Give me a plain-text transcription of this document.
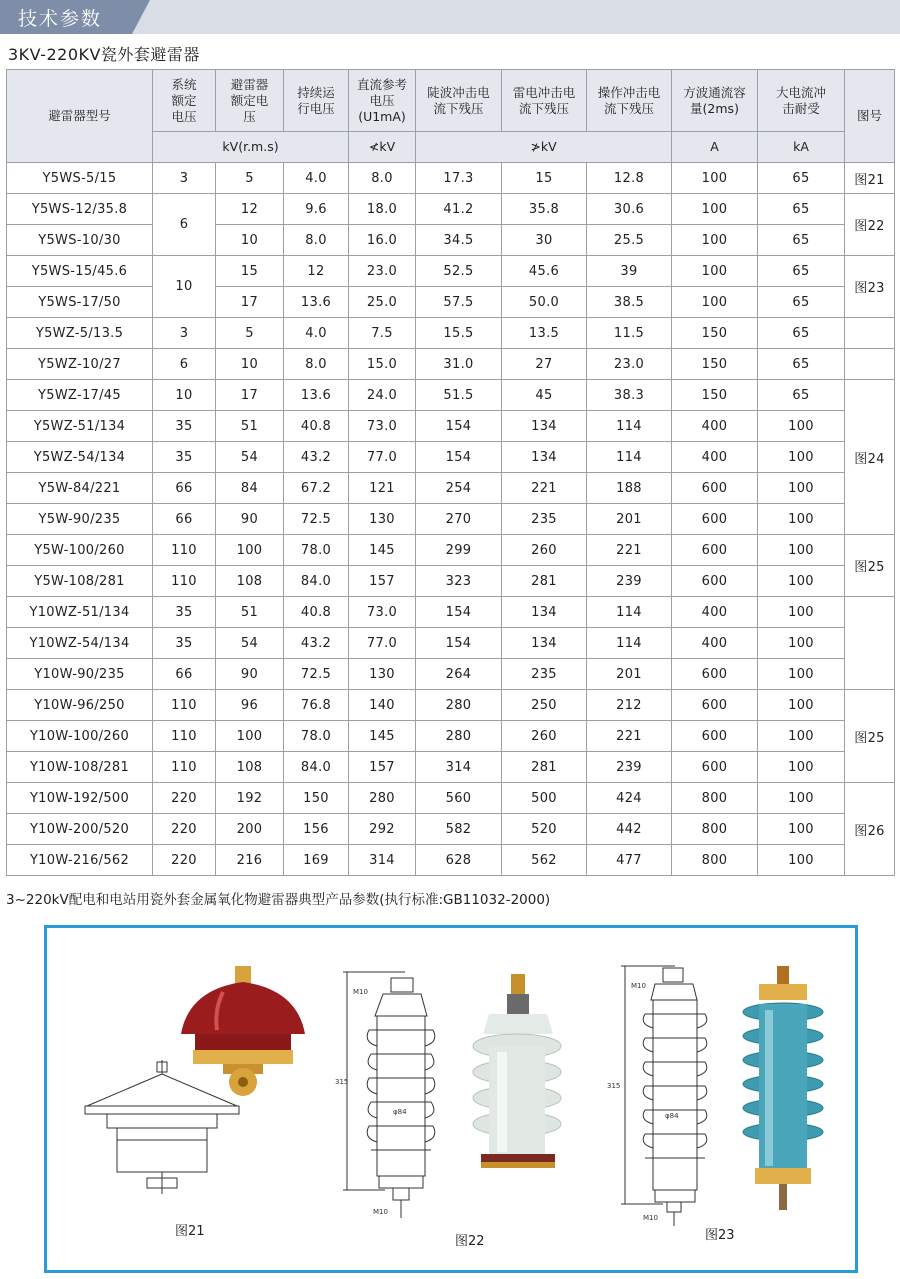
技术参数
3KV-220KV瓷外套避雷器
避雷器型号	系统额定电压	避雷器额定电压	持续运行电压	直流参考电压(U1mA)	陡波冲击电流下残压	雷电冲击电流下残压	操作冲击电流下残压	方波通流容量(2ms)	大电流冲击耐受	图号
	kV(r.m.s)			≮kV	≯kV			A	kA	
Y5WS-5/15	3	5	4.0	8.0	17.3	15	12.8	100	65	图21
Y5WS-12/35.8	6	12	9.6	18.0	41.2	35.8	30.6	100	65	图22
Y5WS-10/30		10	8.0	16.0	34.5	30	25.5	100	65	
Y5WS-15/45.6	10	15	12	23.0	52.5	45.6	39	100	65	图23
Y5WS-17/50		17	13.6	25.0	57.5	50.0	38.5	100	65	
Y5WZ-5/13.5	3	5	4.0	7.5	15.5	13.5	11.5	150	65	
Y5WZ-10/27	6	10	8.0	15.0	31.0	27	23.0	150	65	
Y5WZ-17/45	10	17	13.6	24.0	51.5	45	38.3	150	65	图24
Y5WZ-51/134	35	51	40.8	73.0	154	134	114	400	100	
Y5WZ-54/134	35	54	43.2	77.0	154	134	114	400	100	
Y5W-84/221	66	84	67.2	121	254	221	188	600	100	
Y5W-90/235	66	90	72.5	130	270	235	201	600	100	
Y5W-100/260	110	100	78.0	145	299	260	221	600	100	图25
Y5W-108/281	110	108	84.0	157	323	281	239	600	100	
Y10WZ-51/134	35	51	40.8	73.0	154	134	114	400	100	
Y10WZ-54/134	35	54	43.2	77.0	154	134	114	400	100	
Y10W-90/235	66	90	72.5	130	264	235	201	600	100	
Y10W-96/250	110	96	76.8	140	280	250	212	600	100	图25
Y10W-100/260	110	100	78.0	145	280	260	221	600	100	
Y10W-108/281	110	108	84.0	157	314	281	239	600	100	
Y10W-192/500	220	192	150	280	560	500	424	800	100	图26
Y10W-200/520	220	200	156	292	582	520	442	800	100	
Y10W-216/562	220	216	169	314	628	562	477	800	100	
3~220kV配电和电站用瓷外套金属氧化物避雷器典型产品参数(执行标准:GB11032-2000)
图21
M10
315
φ84
M10
图22
M10
315
φ84
M10
图23
